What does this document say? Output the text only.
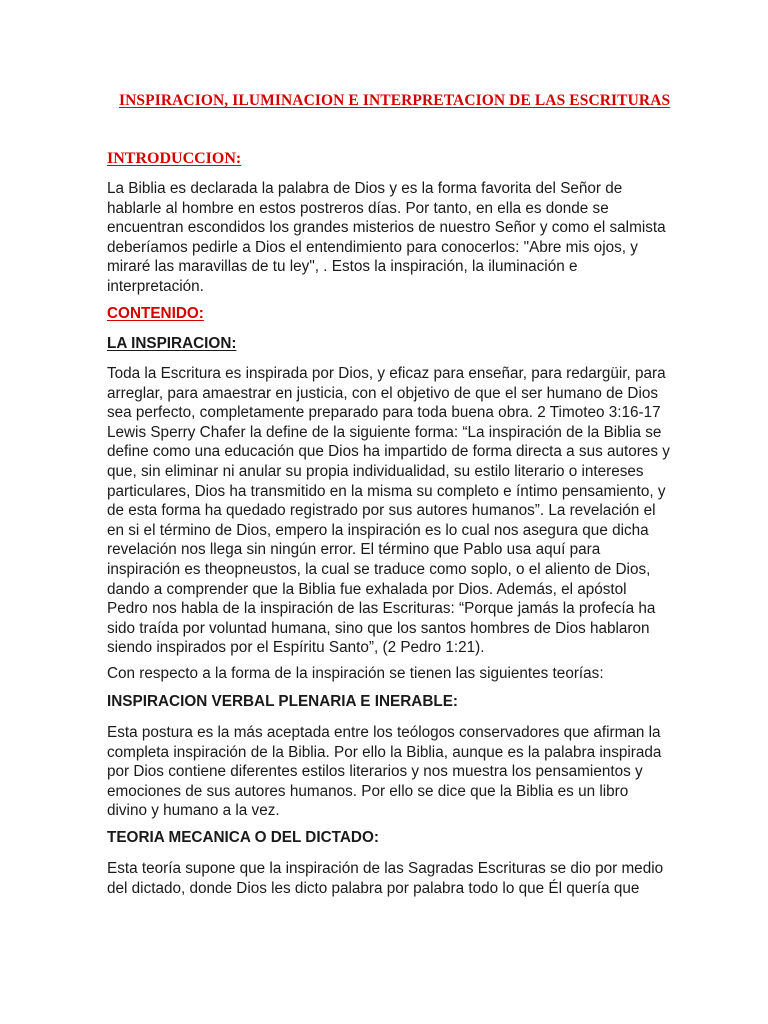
INSPIRACION, ILUMINACION E INTERPRETACION DE LAS ESCRITURAS
INTRODUCCION:
La Biblia es declarada la palabra de Dios y es la forma favorita del Señor de
hablarle al hombre en estos postreros días. Por tanto, en ella es donde se
encuentran escondidos los grandes misterios de nuestro Señor y como el salmista
deberíamos pedirle a Dios el entendimiento para conocerlos: "Abre mis ojos, y
miraré las maravillas de tu ley", . Estos la inspiración, la iluminación e
interpretación.
CONTENIDO:
LA INSPIRACION:
Toda la Escritura es inspirada por Dios, y eficaz para enseñar, para redargüir, para
arreglar, para amaestrar en justicia, con el objetivo de que el ser humano de Dios
sea perfecto, completamente preparado para toda buena obra. 2 Timoteo 3:16-17
Lewis Sperry Chafer la define de la siguiente forma: “La inspiración de la Biblia se
define como una educación que Dios ha impartido de forma directa a sus autores y
que, sin eliminar ni anular su propia individualidad, su estilo literario o intereses
particulares, Dios ha transmitido en la misma su completo e íntimo pensamiento, y
de esta forma ha quedado registrado por sus autores humanos”. La revelación el
en si el término de Dios, empero la inspiración es lo cual nos asegura que dicha
revelación nos llega sin ningún error. El término que Pablo usa aquí para
inspiración es theopneustos, la cual se traduce como soplo, o el aliento de Dios,
dando a comprender que la Biblia fue exhalada por Dios. Además, el apóstol
Pedro nos habla de la inspiración de las Escrituras: “Porque jamás la profecía ha
sido traída por voluntad humana, sino que los santos hombres de Dios hablaron
siendo inspirados por el Espíritu Santo”, (2 Pedro 1:21).
Con respecto a la forma de la inspiración se tienen las siguientes teorías:
INSPIRACION VERBAL PLENARIA E INERABLE:
Esta postura es la más aceptada entre los teólogos conservadores que afirman la
completa inspiración de la Biblia. Por ello la Biblia, aunque es la palabra inspirada
por Dios contiene diferentes estilos literarios y nos muestra los pensamientos y
emociones de sus autores humanos. Por ello se dice que la Biblia es un libro
divino y humano a la vez.
TEORIA MECANICA O DEL DICTADO:
Esta teoría supone que la inspiración de las Sagradas Escrituras se dio por medio
del dictado, donde Dios les dicto palabra por palabra todo lo que Él quería que
